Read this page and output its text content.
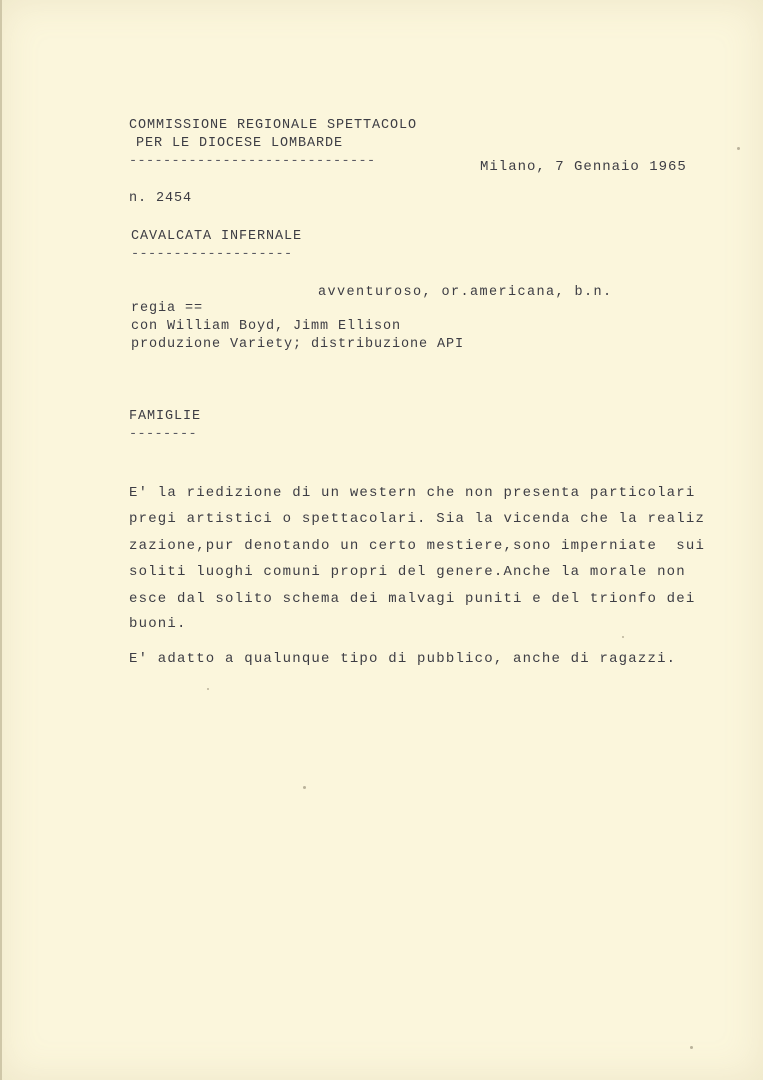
COMMISSIONE REGIONALE SPETTACOLO
PER LE DIOCESE LOMBARDE
-----------------------------	Milano, 7 Gennaio 1965
n. 2454
CAVALCATA INFERNALE
-------------------
avventuroso, or.americana, b.n.
regia ==
con William Boyd, Jimm Ellison
produzione Variety; distribuzione API
FAMIGLIE
--------
E' la riedizione di un western che non presenta particolari
pregi artistici o spettacolari. Sia la vicenda che la realiz
zazione,pur denotando un certo mestiere,sono imperniate  sui
soliti luoghi comuni propri del genere.Anche la morale non
esce dal solito schema dei malvagi puniti e del trionfo dei
buoni.
E' adatto a qualunque tipo di pubblico, anche di ragazzi.
